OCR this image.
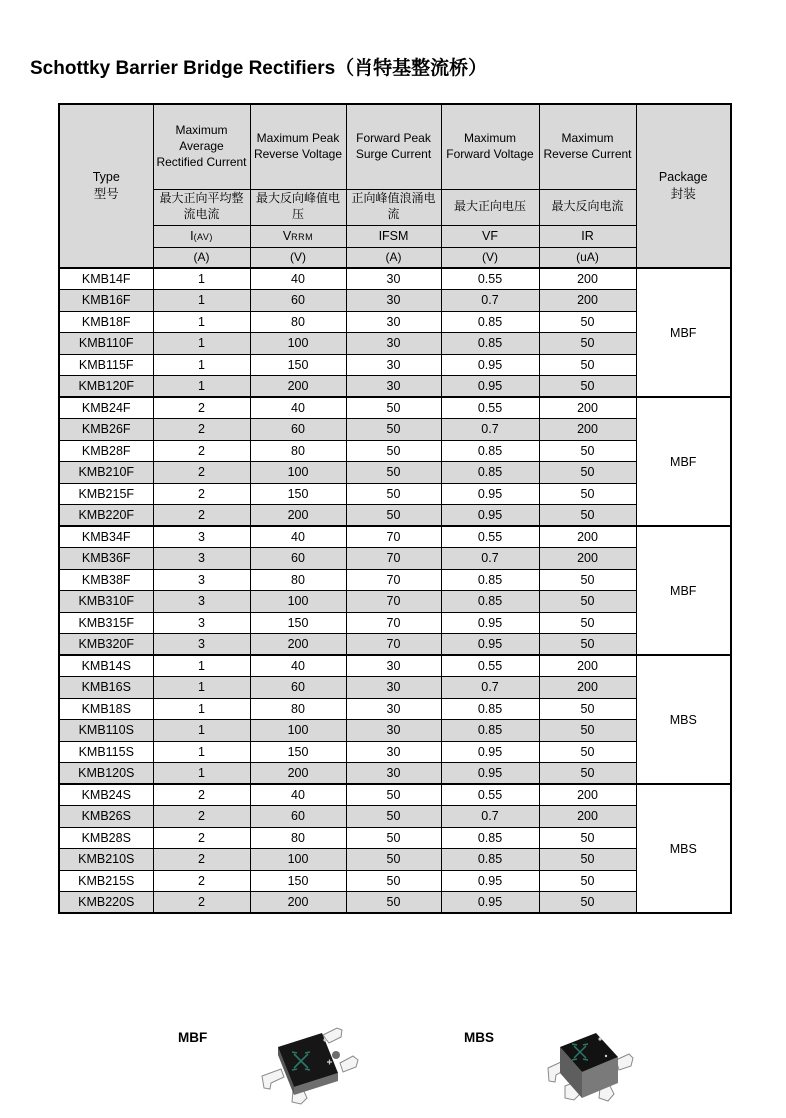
Schottky Barrier Bridge Rectifiers（肖特基整流桥）
Type
型号
	Maximum Average Rectified Current	Maximum Peak Reverse Voltage	Forward Peak Surge Current	Maximum Forward Voltage	Maximum Reverse Current	
Package
封装

	最大正向平均整流电流	最大反向峰值电压	正向峰值浪涌电流	最大正向电压	最大反向电流	
	I(AV)	VRRM	IFSM	VF	IR	
	(A)	(V)	(A)	(V)	(uA)	
KMB14F	1	40	30	0.55	200	MBF
KMB16F	1	60	30	0.7	200	
KMB18F	1	80	30	0.85	50	
KMB110F	1	100	30	0.85	50	
KMB115F	1	150	30	0.95	50	
KMB120F	1	200	30	0.95	50	
KMB24F	2	40	50	0.55	200	MBF
KMB26F	2	60	50	0.7	200	
KMB28F	2	80	50	0.85	50	
KMB210F	2	100	50	0.85	50	
KMB215F	2	150	50	0.95	50	
KMB220F	2	200	50	0.95	50	
KMB34F	3	40	70	0.55	200	MBF
KMB36F	3	60	70	0.7	200	
KMB38F	3	80	70	0.85	50	
KMB310F	3	100	70	0.85	50	
KMB315F	3	150	70	0.95	50	
KMB320F	3	200	70	0.95	50	
KMB14S	1	40	30	0.55	200	MBS
KMB16S	1	60	30	0.7	200	
KMB18S	1	80	30	0.85	50	
KMB110S	1	100	30	0.85	50	
KMB115S	1	150	30	0.95	50	
KMB120S	1	200	30	0.95	50	
KMB24S	2	40	50	0.55	200	MBS
KMB26S	2	60	50	0.7	200	
KMB28S	2	80	50	0.85	50	
KMB210S	2	100	50	0.85	50	
KMB215S	2	150	50	0.95	50	
KMB220S	2	200	50	0.95	50	
MBF	MBS
